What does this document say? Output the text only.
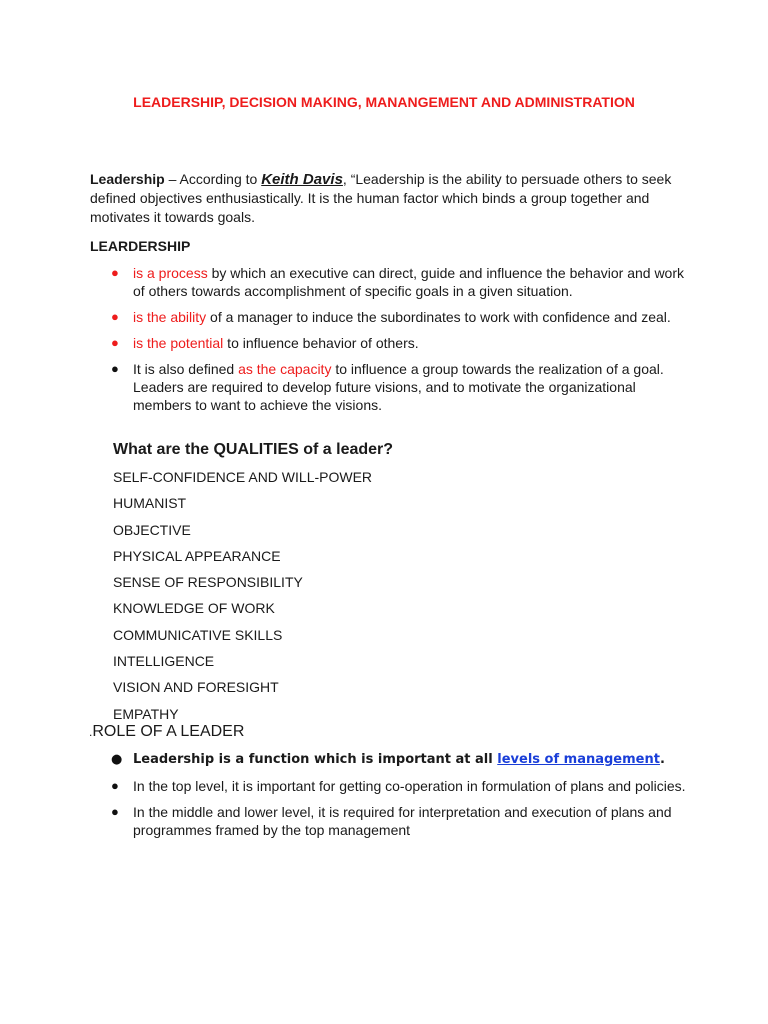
LEADERSHIP, DECISION MAKING, MANANGEMENT AND ADMINISTRATION
Leadership – According to Keith Davis, “Leadership is the ability to persuade others to seek defined objectives enthusiastically. It is the human factor which binds a group together and motivates it towards goals.
LEARDERSHIP
● is a process by which an executive can direct, guide and influence the behavior and work of others towards accomplishment of specific goals in a given situation.
● is the ability of a manager to induce the subordinates to work with confidence and zeal.
● is the potential to influence behavior of others.
● It is also defined as the capacity to influence a group towards the realization of a goal. Leaders are required to develop future visions, and to motivate the organizational members to want to achieve the visions.
What are the QUALITIES of a leader?
SELF-CONFIDENCE AND WILL-POWER
HUMANIST
OBJECTIVE
PHYSICAL APPEARANCE
SENSE OF RESPONSIBILITY
KNOWLEDGE OF WORK
COMMUNICATIVE SKILLS
INTELLIGENCE
VISION AND FORESIGHT
EMPATHY
.ROLE OF A LEADER
● Leadership is a function which is important at all levels of management.
● In the top level, it is important for getting co-operation in formulation of plans and policies.
● In the middle and lower level, it is required for interpretation and execution of plans and programmes framed by the top management
